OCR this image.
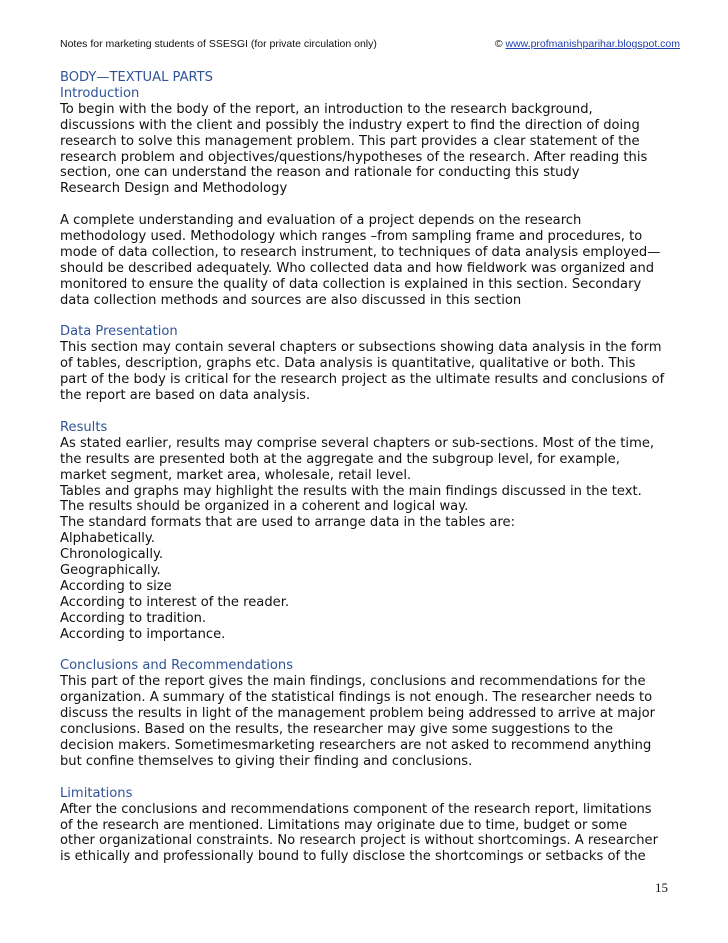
Notes for marketing students of SSESGI (for private circulation only)	© www.profmanishparihar.blogspot.com

BODY—TEXTUAL PARTS

Introduction

To begin with the body of the report, an introduction to the research background,

discussions with the client and possibly the industry expert to find the direction of doing

research to solve this management problem. This part provides a clear statement of the

research problem and objectives/questions/hypotheses of the research. After reading this

section, one can understand the reason and rationale for conducting this study

Research Design and Methodology

A complete understanding and evaluation of a project depends on the research

methodology used. Methodology which ranges –from sampling frame and procedures, to

mode of data collection, to research instrument, to techniques of data analysis employed—

should be described adequately. Who collected data and how fieldwork was organized and

monitored to ensure the quality of data collection is explained in this section. Secondary

data collection methods and sources are also discussed in this section

Data Presentation

This section may contain several chapters or subsections showing data analysis in the form

of tables, description, graphs etc. Data analysis is quantitative, qualitative or both. This

part of the body is critical for the research project as the ultimate results and conclusions of

the report are based on data analysis.

Results

As stated earlier, results may comprise several chapters or sub-sections. Most of the time,

the results are presented both at the aggregate and the subgroup level, for example,

market segment, market area, wholesale, retail level.

Tables and graphs may highlight the results with the main findings discussed in the text.

The results should be organized in a coherent and logical way.

The standard formats that are used to arrange data in the tables are:

Alphabetically.

Chronologically.

Geographically.

According to size

According to interest of the reader.

According to tradition.

According to importance.

Conclusions and Recommendations

This part of the report gives the main findings, conclusions and recommendations for the

organization. A summary of the statistical findings is not enough. The researcher needs to

discuss the results in light of the management problem being addressed to arrive at major

conclusions. Based on the results, the researcher may give some suggestions to the

decision makers. Sometimesmarketing researchers are not asked to recommend anything

but confine themselves to giving their finding and conclusions.

Limitations

After the conclusions and recommendations component of the research report, limitations

of the research are mentioned. Limitations may originate due to time, budget or some

other organizational constraints. No research project is without shortcomings. A researcher

is ethically and professionally bound to fully disclose the shortcomings or setbacks of the

15
